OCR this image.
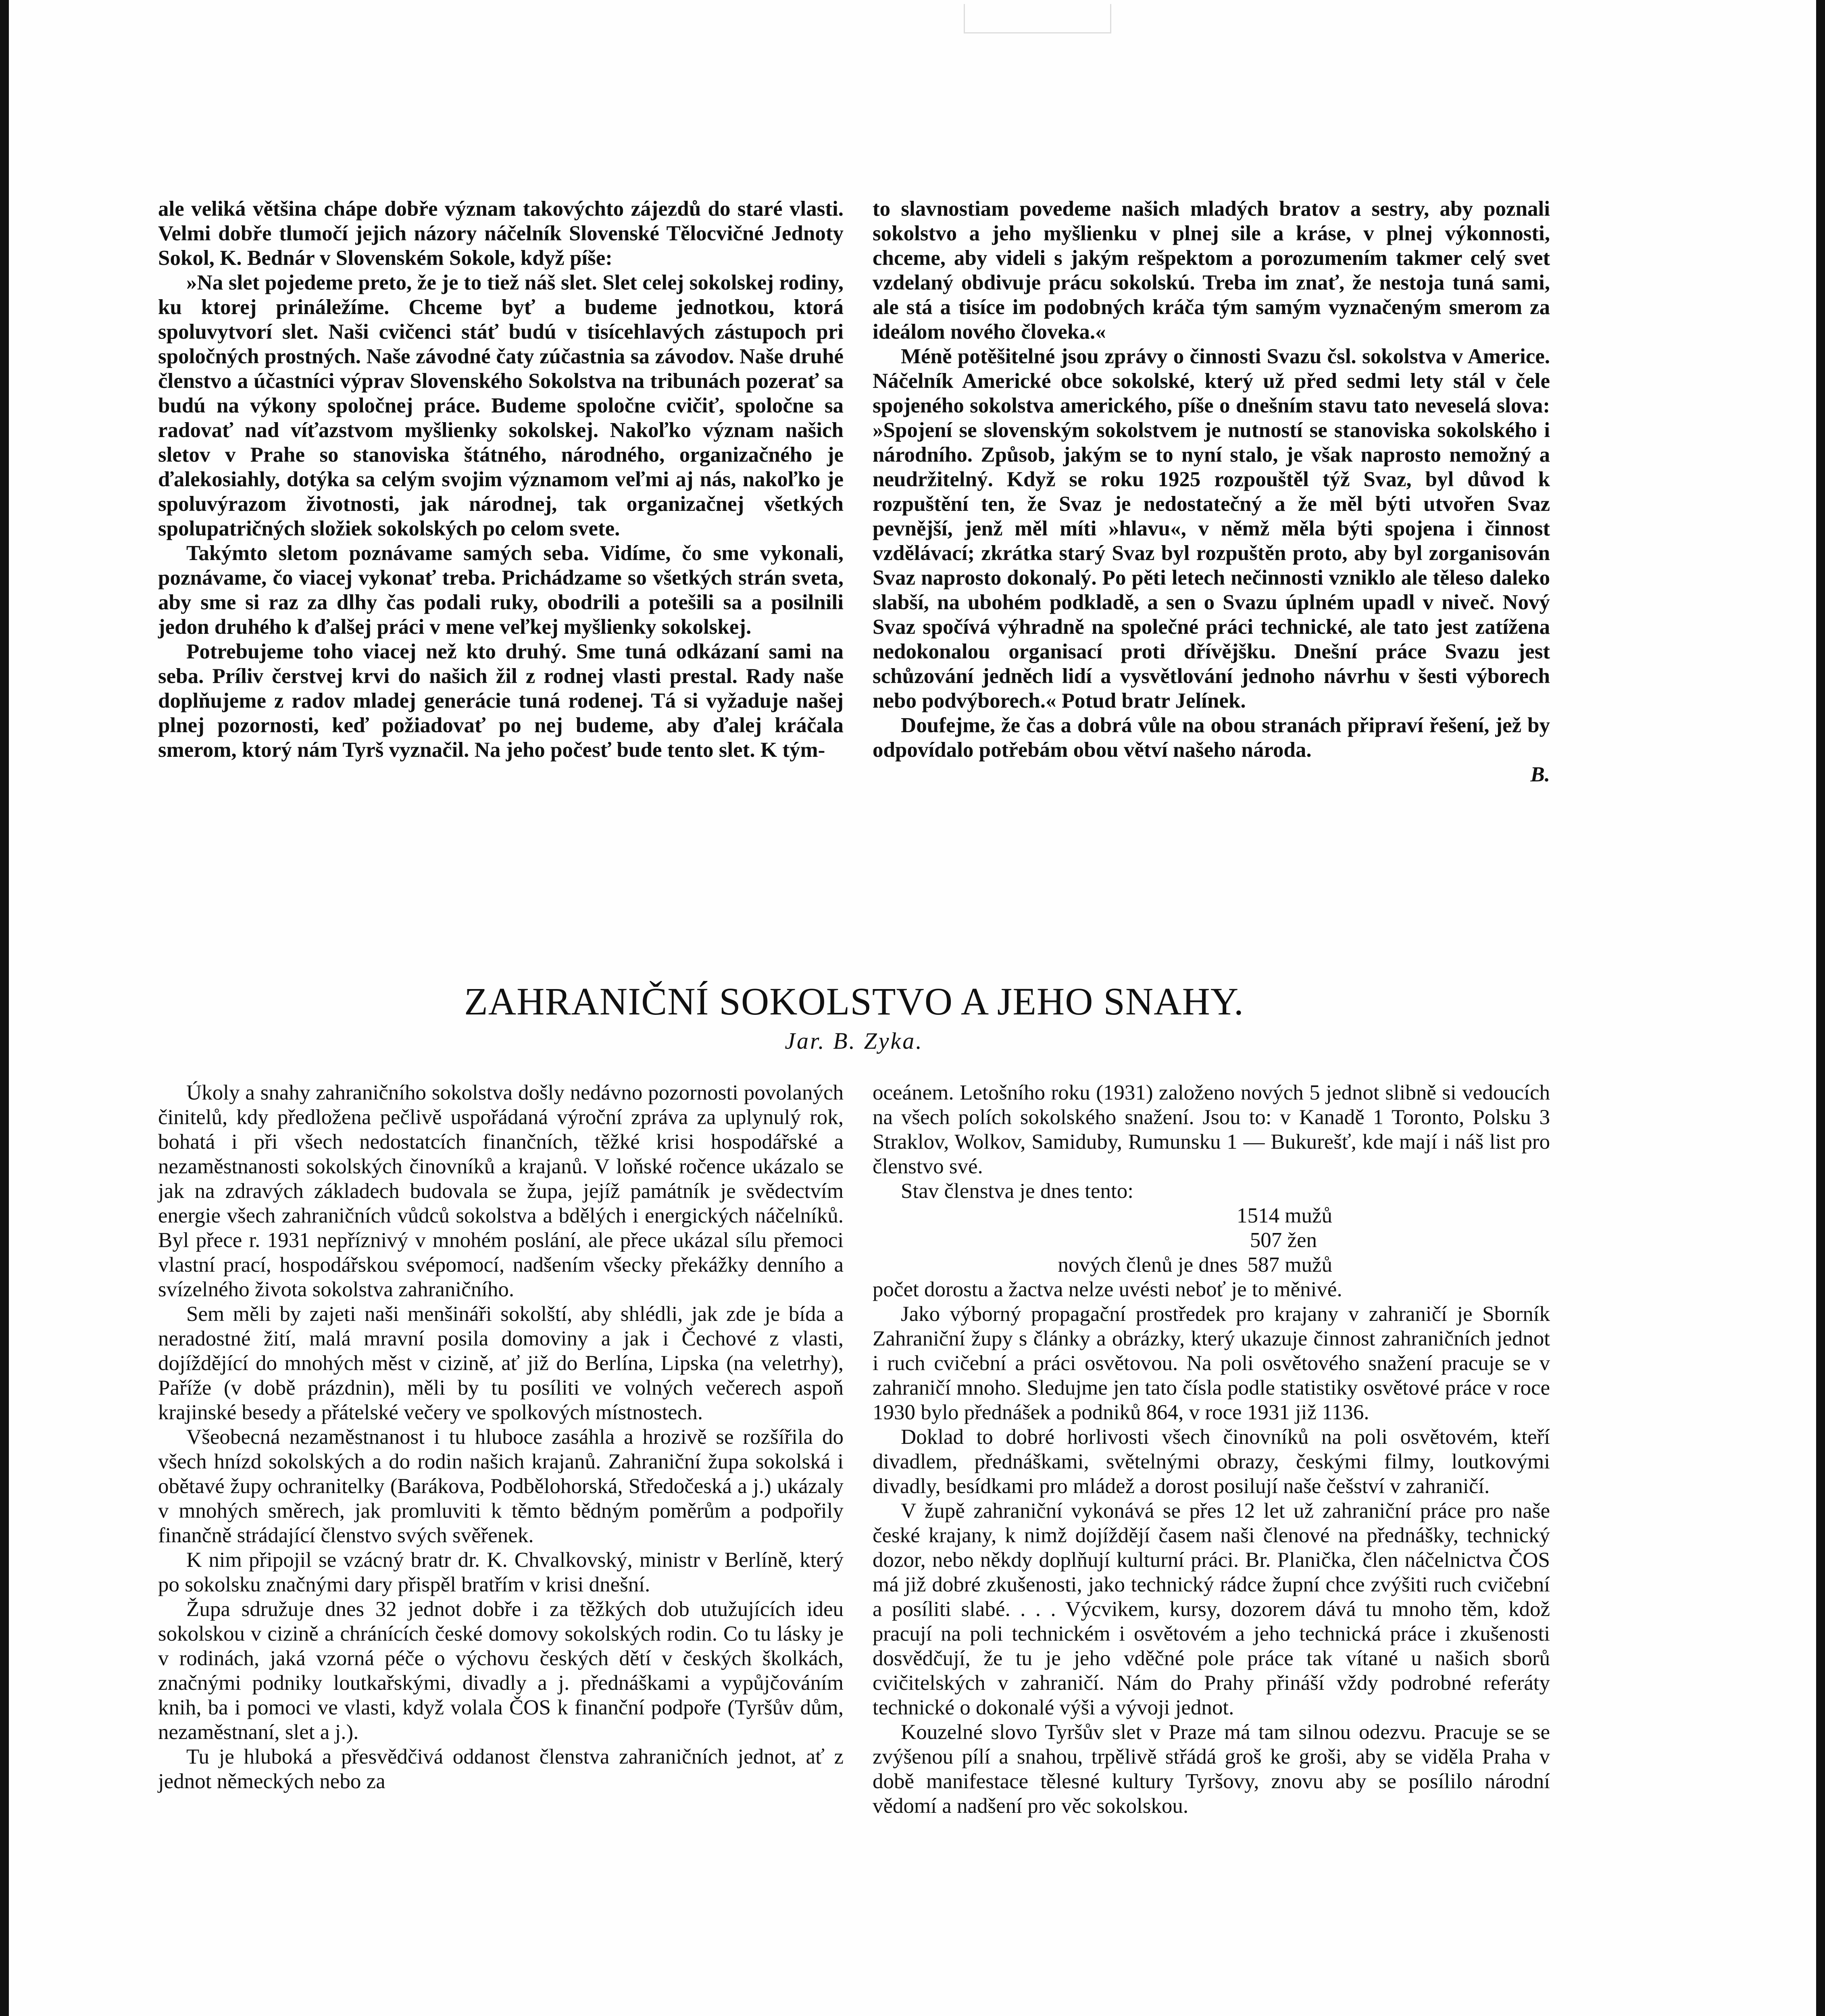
ale veliká většina chápe dobře význam takovýchto zájezdů do staré vlasti. Velmi dobře tlumočí jejich názory náčelník Slovenské Tělocvičné Jednoty Sokol, K. Bednár v Slovenském Sokole, když píše:

»Na slet pojedeme preto, že je to tiež náš slet. Slet celej sokolskej rodiny, ku ktorej prináležíme. Chceme byť a budeme jednotkou, ktorá spoluvytvorí slet. Naši cvičenci stáť budú v tisícehlavých zástupoch pri spoločných prostných. Naše závodné čaty zúčastnia sa závodov. Naše druhé členstvo a účastníci výprav Slovenského Sokolstva na tribunách pozerať sa budú na výkony spoločnej práce. Budeme spoločne cvičiť, spoločne sa radovať nad víťazstvom myšlienky sokolskej. Nakoľko význam našich sletov v Prahe so stanoviska štátného, národného, organizačného je ďalekosiahly, dotýka sa celým svojim významom veľmi aj nás, nakoľko je spoluvýrazom životnosti, jak národnej, tak organizačnej všetkých spolupatričných složiek sokolských po celom svete.

Takýmto sletom poznávame samých seba. Vidíme, čo sme vykonali, poznávame, čo viacej vykonať treba. Prichádzame so všetkých strán sveta, aby sme si raz za dlhy čas podali ruky, obodrili a potešili sa a posilnili jedon druhého k ďalšej práci v mene veľkej myšlienky sokolskej.

Potrebujeme toho viacej než kto druhý. Sme tuná odkázaní sami na seba. Príliv čerstvej krvi do našich žil z rodnej vlasti prestal. Rady naše doplňujeme z radov mladej generácie tuná rodenej. Tá si vyžaduje našej plnej pozornosti, keď požiadovať po nej budeme, aby ďalej kráčala smerom, ktorý nám Tyrš vyznačil. Na jeho počesť bude tento slet. K tým-

to slavnostiam povedeme našich mladých bratov a sestry, aby poznali sokolstvo a jeho myšlienku v plnej sile a kráse, v plnej výkonnosti, chceme, aby videli s jakým rešpektom a porozumením takmer celý svet vzdelaný obdivuje prácu sokolskú. Treba im znať, že nestoja tuná sami, ale stá a tisíce im podobných kráča tým samým vyznačeným smerom za ideálom nového človeka.«

Méně potěšitelné jsou zprávy o činnosti Svazu čsl. sokolstva v Americe. Náčelník Americké obce sokolské, který už před sedmi lety stál v čele spojeného sokolstva amerického, píše o dnešním stavu tato neveselá slova: »Spojení se slovenským sokolstvem je nutností se stanoviska sokolského i národního. Způsob, jakým se to nyní stalo, je však naprosto nemožný a neudržitelný. Když se roku 1925 rozpouštěl týž Svaz, byl důvod k rozpuštění ten, že Svaz je nedostatečný a že měl býti utvořen Svaz pevnější, jenž měl míti »hlavu«, v němž měla býti spojena i činnost vzdělávací; zkrátka starý Svaz byl rozpuštěn proto, aby byl zorganisován Svaz naprosto dokonalý. Po pěti letech nečinnosti vzniklo ale těleso daleko slabší, na ubohém podkladě, a sen o Svazu úplném upadl v niveč. Nový Svaz spočívá výhradně na společné práci technické, ale tato jest zatížena nedokonalou organisací proti dřívějšku. Dnešní práce Svazu jest schůzování jedněch lidí a vysvětlování jednoho návrhu v šesti výborech nebo podvýborech.« Potud bratr Jelínek.

Doufejme, že čas a dobrá vůle na obou stranách připraví řešení, jež by odpovídalo potřebám obou větví našeho národa.

B.

ZAHRANIČNÍ SOKOLSTVO A JEHO SNAHY.
Jar. B. Zyka.

Úkoly a snahy zahraničního sokolstva došly nedávno pozornosti povolaných činitelů, kdy předložena pečlivě uspořádaná výroční zpráva za uplynulý rok, bohatá i při všech nedostatcích finančních, těžké krisi hospodářské a nezaměstnanosti sokolských činovníků a krajanů. V loňské ročence ukázalo se jak na zdravých základech budovala se župa, jejíž památník je svědectvím energie všech zahraničních vůdců sokolstva a bdělých i energických náčelníků. Byl přece r. 1931 nepříznivý v mnohém poslání, ale přece ukázal sílu přemoci vlastní prací, hospodářskou svépomocí, nadšením všecky překážky denního a svízelného života sokolstva zahraničního.

Sem měli by zajeti naši menšináři sokolští, aby shlédli, jak zde je bída a neradostné žití, malá mravní posila domoviny a jak i Čechové z vlasti, dojíždějící do mnohých měst v cizině, ať již do Berlína, Lipska (na veletrhy), Paříže (v době prázdnin), měli by tu posíliti ve volných večerech aspoň krajinské besedy a přátelské večery ve spolkových místnostech.

Všeobecná nezaměstnanost i tu hluboce zasáhla a hrozivě se rozšířila do všech hnízd sokolských a do rodin našich krajanů. Zahraniční župa sokolská i obětavé župy ochranitelky (Barákova, Podbělohorská, Středočeská a j.) ukázaly v mnohých směrech, jak promluviti k těmto bědným poměrům a podpořily finančně strádající členstvo svých svěřenek.

K nim připojil se vzácný bratr dr. K. Chvalkovský, ministr v Berlíně, který po sokolsku značnými dary přispěl bratřím v krisi dnešní.

Župa sdružuje dnes 32 jednot dobře i za těžkých dob utužujících ideu sokolskou v cizině a chránících české domovy sokolských rodin. Co tu lásky je v rodinách, jaká vzorná péče o výchovu českých dětí v českých školkách, značnými podniky loutkařskými, divadly a j. přednáškami a vypůjčováním knih, ba i pomoci ve vlasti, když volala ČOS k finanční podpoře (Tyršův dům, nezaměstnaní, slet a j.).

Tu je hluboká a přesvědčivá oddanost členstva zahraničních jednot, ať z jednot německých nebo za

oceánem. Letošního roku (1931) založeno nových 5 jednot slibně si vedoucích na všech polích sokolského snažení. Jsou to: v Kanadě 1 Toronto, Polsku 3 Straklov, Wolkov, Samiduby, Rumunsku 1 — Bukurešť, kde mají i náš list pro členstvo své.

Stav členstva je dnes tento:

1514 mužů
507 žen
nových členů je dnes 587 mužů

počet dorostu a žactva nelze uvésti neboť je to měnivé.

Jako výborný propagační prostředek pro krajany v zahraničí je Sborník Zahraniční župy s články a obrázky, který ukazuje činnost zahraničních jednot i ruch cvičební a práci osvětovou. Na poli osvětového snažení pracuje se v zahraničí mnoho. Sledujme jen tato čísla podle statistiky osvětové práce v roce 1930 bylo přednášek a podniků 864, v roce 1931 již 1136.

Doklad to dobré horlivosti všech činovníků na poli osvětovém, kteří divadlem, přednáškami, světelnými obrazy, českými filmy, loutkovými divadly, besídkami pro mládež a dorost posilují naše češství v zahraničí.

V župě zahraniční vykonává se přes 12 let už zahraniční práce pro naše české krajany, k nimž dojíždějí časem naši členové na přednášky, technický dozor, nebo někdy doplňují kulturní práci. Br. Planička, člen náčelnictva ČOS má již dobré zkušenosti, jako technický rádce župní chce zvýšiti ruch cvičební a posíliti slabé. . . . Výcvikem, kursy, dozorem dává tu mnoho těm, kdož pracují na poli technickém i osvětovém a jeho technická práce i zkušenosti dosvědčují, že tu je jeho vděčné pole práce tak vítané u našich sborů cvičitelských v zahraničí. Nám do Prahy přináší vždy podrobné referáty technické o dokonalé výši a vývoji jednot.

Kouzelné slovo Tyršův slet v Praze má tam silnou odezvu. Pracuje se se zvýšenou pílí a snahou, trpělivě střádá groš ke groši, aby se viděla Praha v době manifestace tělesné kultury Tyršovy, znovu aby se posílilo národní vědomí a nadšení pro věc sokolskou.
